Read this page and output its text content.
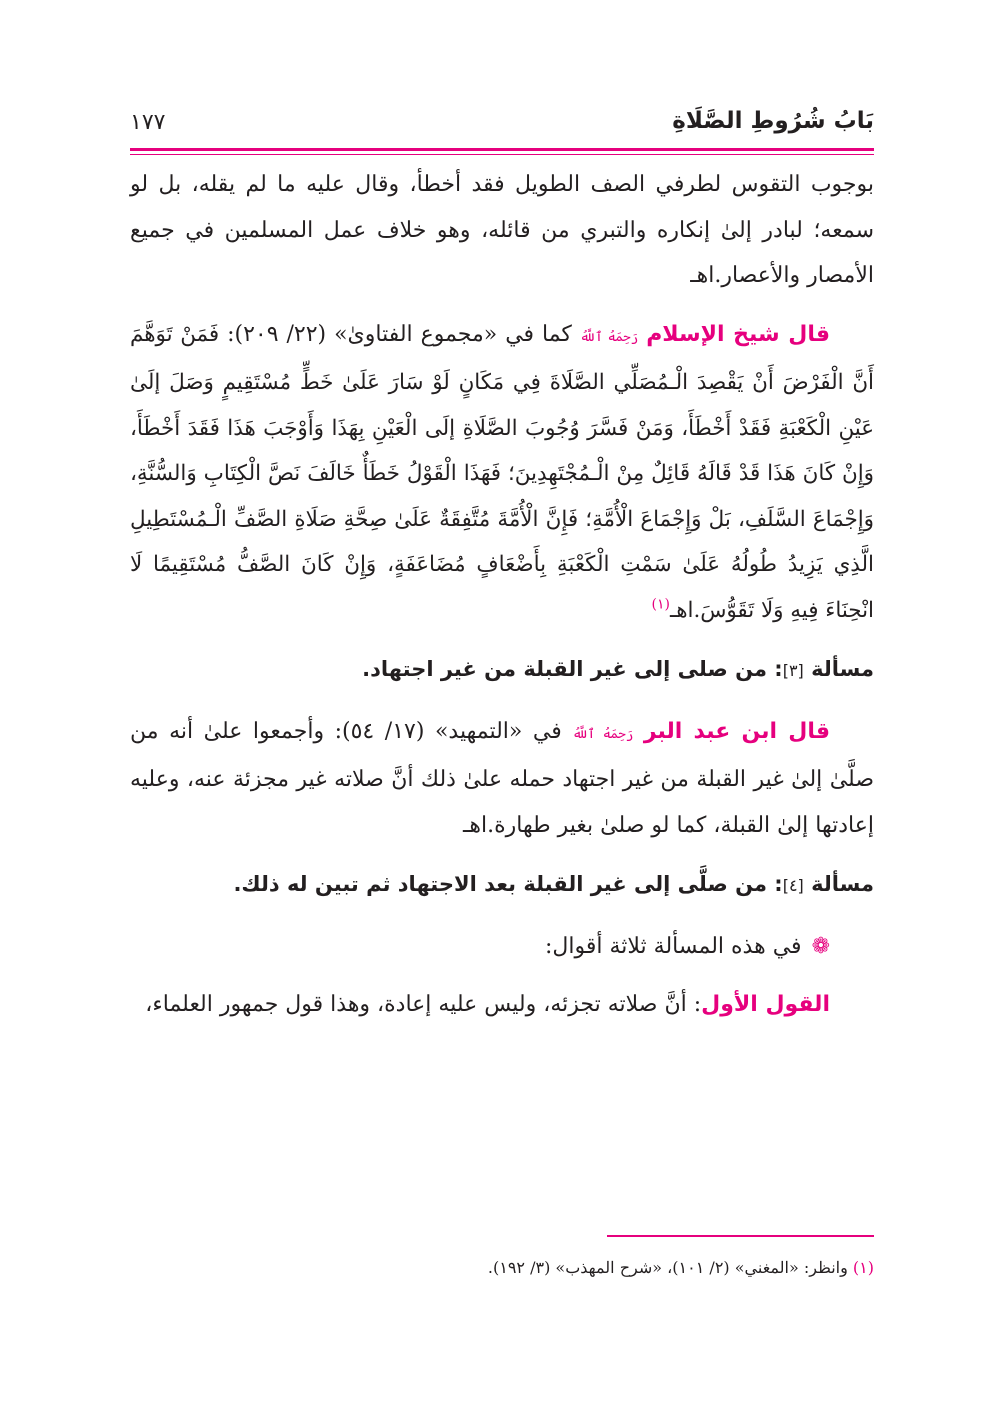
بَابُ شُرُوطِ الصَّلَاةِ
١٧٧

بوجوب التقوس لطرفي الصف الطويل فقد أخطأ، وقال عليه ما لم يقله، بل لو سمعه؛ لبادر إلىٰ إنكاره والتبري من قائله، وهو خلاف عمل المسلمين في جميع الأمصار والأعصار.اهـ

قال شيخ الإسلام رَحِمَهُ ٱللَّهُ كما في «مجموع الفتاوىٰ» (٢٢/ ٢٠٩): فَمَنْ تَوَهَّمَ أَنَّ الْفَرْضَ أَنْ يَقْصِدَ الْـمُصَلِّي الصَّلَاةَ فِي مَكَانٍ لَوْ سَارَ عَلَىٰ خَطٍّ مُسْتَقِيمٍ وَصَلَ إلَىٰ عَيْنِ الْكَعْبَةِ فَقَدْ أَخْطَأَ، وَمَنْ فَسَّرَ وُجُوبَ الصَّلَاةِ إلَى الْعَيْنِ بِهَذَا وَأَوْجَبَ هَذَا فَقَدَ أَخْطَأَ، وَإِنْ كَانَ هَذَا قَدْ قَالَهُ قَائِلٌ مِنْ الْـمُجْتَهِدِينَ؛ فَهَذَا الْقَوْلُ خَطَأٌ خَالَفَ نَصَّ الْكِتَابِ وَالسُّنَّةِ، وَإِجْمَاعَ السَّلَفِ، بَلْ وَإِجْمَاعَ الْأُمَّةِ؛ فَإِنَّ الْأُمَّةَ مُتَّفِقَةٌ عَلَىٰ صِحَّةِ صَلَاةِ الصَّفِّ الْـمُسْتَطِيلِ الَّذِي يَزِيدُ طُولُهُ عَلَىٰ سَمْتِ الْكَعْبَةِ بِأَضْعَافٍ مُضَاعَفَةٍ، وَإِنْ كَانَ الصَّفُّ مُسْتَقِيمًا لَا انْحِنَاءَ فِيهِ وَلَا تَقَوُّسَ.اهـ$^{(١)}$

مسألة [٣]: من صلى إلى غير القبلة من غير اجتهاد.

قال ابن عبد البر رَحِمَهُ ٱللَّهُ في «التمهيد» (١٧/ ٥٤): وأجمعوا علىٰ أنه من صلَّىٰ إلىٰ غير القبلة من غير اجتهاد حمله علىٰ ذلك أنَّ صلاته غير مجزئة عنه، وعليه إعادتها إلىٰ القبلة، كما لو صلىٰ بغير طهارة.اهـ

مسألة [٤]: من صلَّى إلى غير القبلة بعد الاجتهاد ثم تبين له ذلك.

❁في هذه المسألة ثلاثة أقوال:

القول الأول: أنَّ صلاته تجزئه، وليس عليه إعادة، وهذا قول جمهور العلماء،

(١) وانظر: «المغني» (٢/ ١٠١)، «شرح المهذب» (٣/ ١٩٢).
